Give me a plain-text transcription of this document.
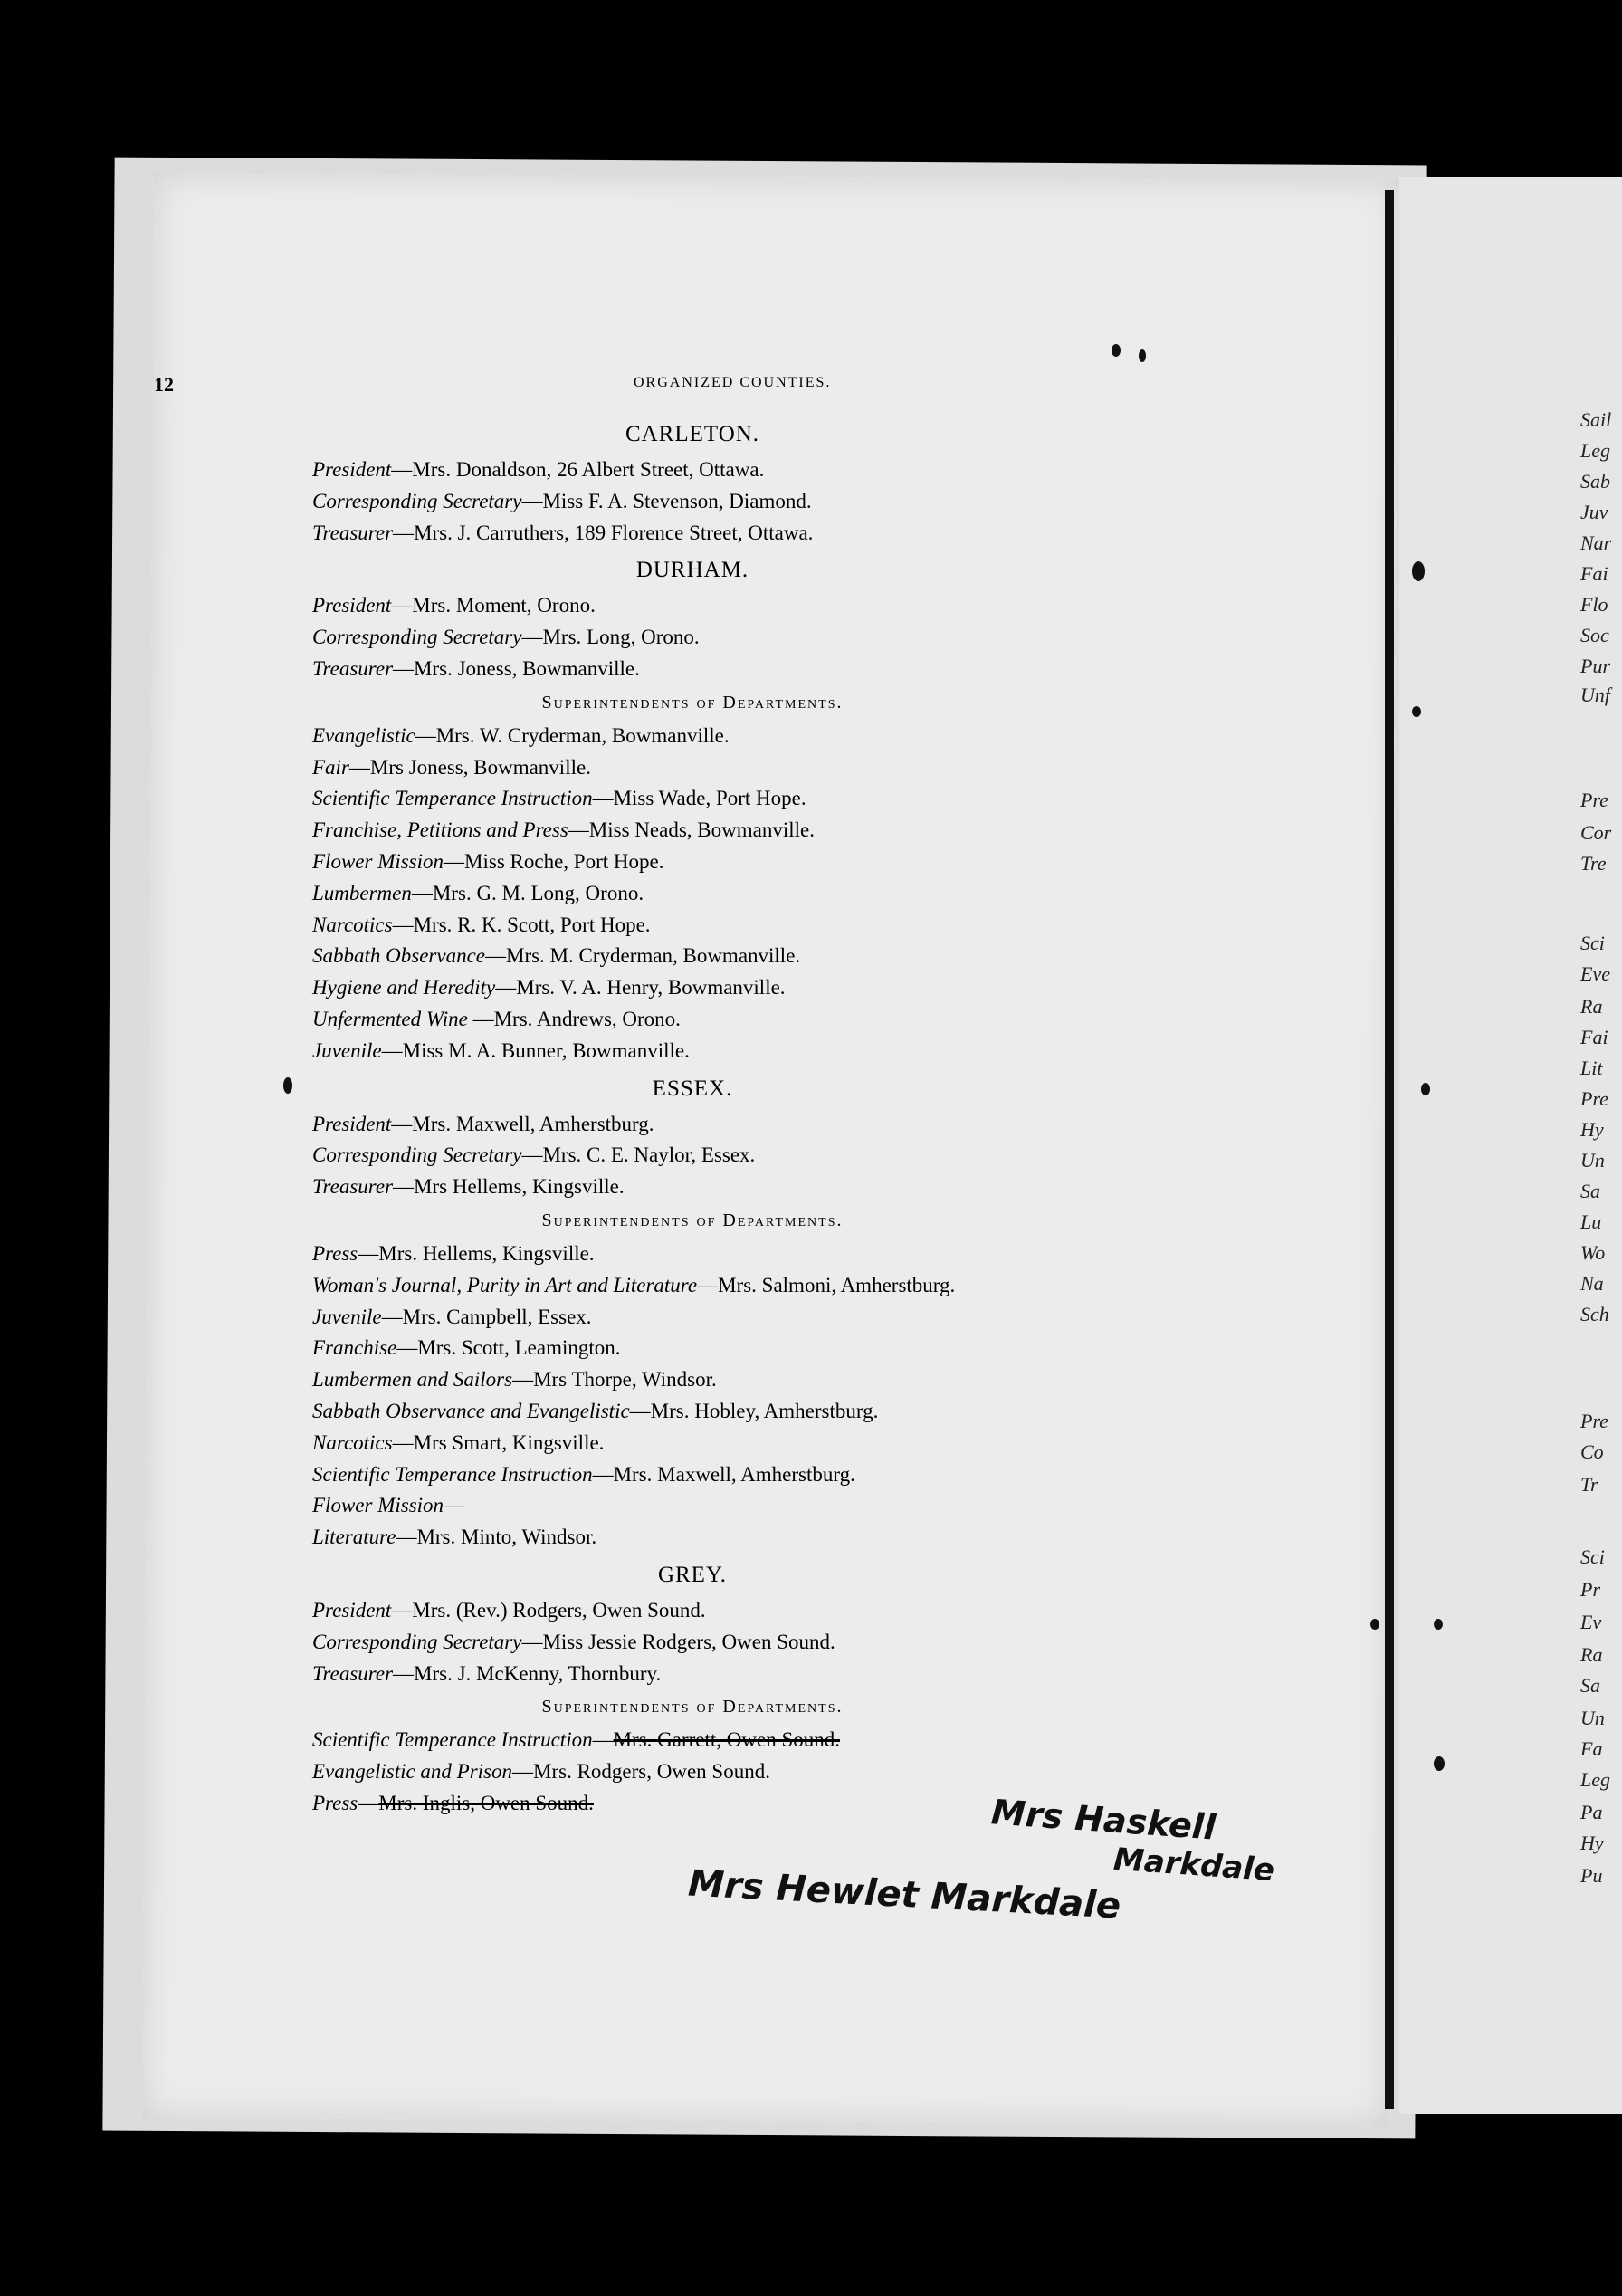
Sail
Leg
Sab
Juv
Nar
Fai
Flo
Soc
Pur
Unf
Pre
Cor
Tre
Sci
Eve
Ra
Fai
Lit
Pre
Hy
Un
Sa
Lu
Wo
Na
Sch
Pre
Co
Tr
Sci
Pr
Ev
Ra
Sa
Un
Fa
Leg
Pa
Hy
Pu
12	ORGANIZED COUNTIES.
CARLETON.
President—Mrs. Donaldson, 26 Albert Street, Ottawa.
Corresponding Secretary—Miss F. A. Stevenson, Diamond.
Treasurer—Mrs. J. Carruthers, 189 Florence Street, Ottawa.
DURHAM.
President—Mrs. Moment, Orono.
Corresponding Secretary—Mrs. Long, Orono.
Treasurer—Mrs. Joness, Bowmanville.
Superintendents of Departments.
Evangelistic—Mrs. W. Cryderman, Bowmanville.
Fair—Mrs Joness, Bowmanville.
Scientific Temperance Instruction—Miss Wade, Port Hope.
Franchise, Petitions and Press—Miss Neads, Bowmanville.
Flower Mission—Miss Roche, Port Hope.
Lumbermen—Mrs. G. M. Long, Orono.
Narcotics—Mrs. R. K. Scott, Port Hope.
Sabbath Observance—Mrs. M. Cryderman, Bowmanville.
Hygiene and Heredity—Mrs. V. A. Henry, Bowmanville.
Unfermented Wine —Mrs. Andrews, Orono.
Juvenile—Miss M. A. Bunner, Bowmanville.
ESSEX.
President—Mrs. Maxwell, Amherstburg.
Corresponding Secretary—Mrs. C. E. Naylor, Essex.
Treasurer—Mrs Hellems, Kingsville.
Superintendents of Departments.
Press—Mrs. Hellems, Kingsville.
Woman's Journal, Purity in Art and Literature—Mrs. Salmoni, Amherstburg.
Juvenile—Mrs. Campbell, Essex.
Franchise—Mrs. Scott, Leamington.
Lumbermen and Sailors—Mrs Thorpe, Windsor.
Sabbath Observance and Evangelistic—Mrs. Hobley, Amherstburg.
Narcotics—Mrs Smart, Kingsville.
Scientific Temperance Instruction—Mrs. Maxwell, Amherstburg.
Flower Mission—
Literature—Mrs. Minto, Windsor.
GREY.
President—Mrs. (Rev.) Rodgers, Owen Sound.
Corresponding Secretary—Miss Jessie Rodgers, Owen Sound.
Treasurer—Mrs. J. McKenny, Thornbury.
Superintendents of Departments.
Scientific Temperance Instruction—Mrs. Garrett, Owen Sound.
Evangelistic and Prison—Mrs. Rodgers, Owen Sound.
Press—Mrs. Inglis, Owen Sound.	Mrs Haskell
Markdale
Mrs Hewlet Markdale
